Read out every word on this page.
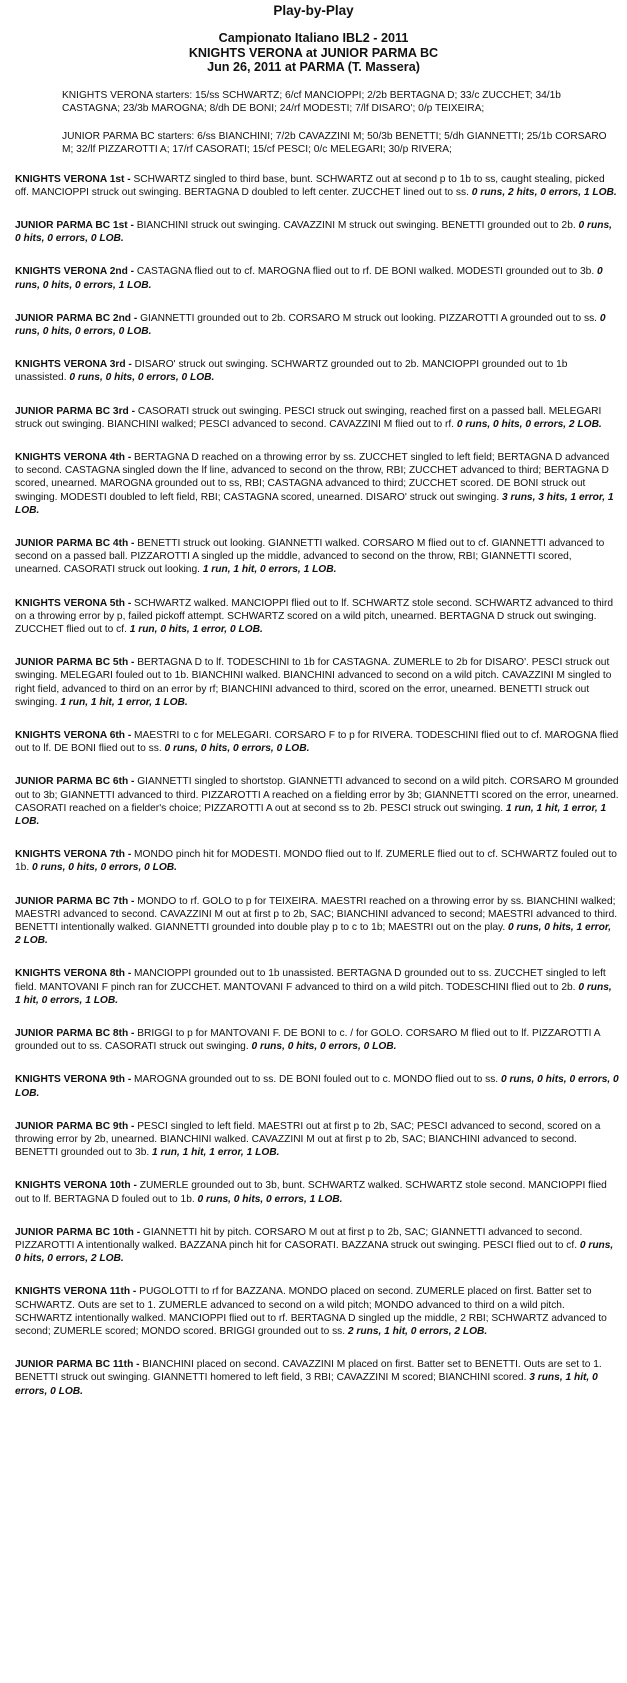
Play-by-Play
Campionato Italiano IBL2 - 2011
KNIGHTS VERONA at JUNIOR PARMA BC
Jun 26, 2011 at PARMA (T. Massera)

KNIGHTS VERONA starters: 15/ss SCHWARTZ; 6/cf MANCIOPPI; 2/2b BERTAGNA D; 33/c ZUCCHET; 34/1b CASTAGNA; 23/3b MAROGNA; 8/dh DE BONI; 24/rf MODESTI; 7/lf DISARO'; 0/p TEIXEIRA;

JUNIOR PARMA BC starters: 6/ss BIANCHINI; 7/2b CAVAZZINI M; 50/3b BENETTI; 5/dh GIANNETTI; 25/1b CORSARO M; 32/lf PIZZAROTTI A; 17/rf CASORATI; 15/cf PESCI; 0/c MELEGARI; 30/p RIVERA;

KNIGHTS VERONA 1st - SCHWARTZ singled to third base, bunt. SCHWARTZ out at second p to 1b to ss, caught stealing, picked off. MANCIOPPI struck out swinging. BERTAGNA D doubled to left center. ZUCCHET lined out to ss. 0 runs, 2 hits, 0 errors, 1 LOB.

JUNIOR PARMA BC 1st - BIANCHINI struck out swinging. CAVAZZINI M struck out swinging. BENETTI grounded out to 2b. 0 runs, 0 hits, 0 errors, 0 LOB.

KNIGHTS VERONA 2nd - CASTAGNA flied out to cf. MAROGNA flied out to rf. DE BONI walked. MODESTI grounded out to 3b. 0 runs, 0 hits, 0 errors, 1 LOB.

JUNIOR PARMA BC 2nd - GIANNETTI grounded out to 2b. CORSARO M struck out looking. PIZZAROTTI A grounded out to ss. 0 runs, 0 hits, 0 errors, 0 LOB.

KNIGHTS VERONA 3rd - DISARO' struck out swinging. SCHWARTZ grounded out to 2b. MANCIOPPI grounded out to 1b unassisted. 0 runs, 0 hits, 0 errors, 0 LOB.

JUNIOR PARMA BC 3rd - CASORATI struck out swinging. PESCI struck out swinging, reached first on a passed ball. MELEGARI struck out swinging. BIANCHINI walked; PESCI advanced to second. CAVAZZINI M flied out to rf. 0 runs, 0 hits, 0 errors, 2 LOB.

KNIGHTS VERONA 4th - BERTAGNA D reached on a throwing error by ss. ZUCCHET singled to left field; BERTAGNA D advanced to second. CASTAGNA singled down the lf line, advanced to second on the throw, RBI; ZUCCHET advanced to third; BERTAGNA D scored, unearned. MAROGNA grounded out to ss, RBI; CASTAGNA advanced to third; ZUCCHET scored. DE BONI struck out swinging. MODESTI doubled to left field, RBI; CASTAGNA scored, unearned. DISARO' struck out swinging. 3 runs, 3 hits, 1 error, 1 LOB.

JUNIOR PARMA BC 4th - BENETTI struck out looking. GIANNETTI walked. CORSARO M flied out to cf. GIANNETTI advanced to second on a passed ball. PIZZAROTTI A singled up the middle, advanced to second on the throw, RBI; GIANNETTI scored, unearned. CASORATI struck out looking. 1 run, 1 hit, 0 errors, 1 LOB.

KNIGHTS VERONA 5th - SCHWARTZ walked. MANCIOPPI flied out to lf. SCHWARTZ stole second. SCHWARTZ advanced to third on a throwing error by p, failed pickoff attempt. SCHWARTZ scored on a wild pitch, unearned. BERTAGNA D struck out swinging. ZUCCHET flied out to cf. 1 run, 0 hits, 1 error, 0 LOB.

JUNIOR PARMA BC 5th - BERTAGNA D to lf. TODESCHINI to 1b for CASTAGNA. ZUMERLE to 2b for DISARO'. PESCI struck out swinging. MELEGARI fouled out to 1b. BIANCHINI walked. BIANCHINI advanced to second on a wild pitch. CAVAZZINI M singled to right field, advanced to third on an error by rf; BIANCHINI advanced to third, scored on the error, unearned. BENETTI struck out swinging. 1 run, 1 hit, 1 error, 1 LOB.

KNIGHTS VERONA 6th - MAESTRI to c for MELEGARI. CORSARO F to p for RIVERA. TODESCHINI flied out to cf. MAROGNA flied out to lf. DE BONI flied out to ss. 0 runs, 0 hits, 0 errors, 0 LOB.

JUNIOR PARMA BC 6th - GIANNETTI singled to shortstop. GIANNETTI advanced to second on a wild pitch. CORSARO M grounded out to 3b; GIANNETTI advanced to third. PIZZAROTTI A reached on a fielding error by 3b; GIANNETTI scored on the error, unearned. CASORATI reached on a fielder's choice; PIZZAROTTI A out at second ss to 2b. PESCI struck out swinging. 1 run, 1 hit, 1 error, 1 LOB.

KNIGHTS VERONA 7th - MONDO pinch hit for MODESTI. MONDO flied out to lf. ZUMERLE flied out to cf. SCHWARTZ fouled out to 1b. 0 runs, 0 hits, 0 errors, 0 LOB.

JUNIOR PARMA BC 7th - MONDO to rf. GOLO to p for TEIXEIRA. MAESTRI reached on a throwing error by ss. BIANCHINI walked; MAESTRI advanced to second. CAVAZZINI M out at first p to 2b, SAC; BIANCHINI advanced to second; MAESTRI advanced to third. BENETTI intentionally walked. GIANNETTI grounded into double play p to c to 1b; MAESTRI out on the play. 0 runs, 0 hits, 1 error, 2 LOB.

KNIGHTS VERONA 8th - MANCIOPPI grounded out to 1b unassisted. BERTAGNA D grounded out to ss. ZUCCHET singled to left field. MANTOVANI F pinch ran for ZUCCHET. MANTOVANI F advanced to third on a wild pitch. TODESCHINI flied out to 2b. 0 runs, 1 hit, 0 errors, 1 LOB.

JUNIOR PARMA BC 8th - BRIGGI to p for MANTOVANI F. DE BONI to c. / for GOLO. CORSARO M flied out to lf. PIZZAROTTI A grounded out to ss. CASORATI struck out swinging. 0 runs, 0 hits, 0 errors, 0 LOB.

KNIGHTS VERONA 9th - MAROGNA grounded out to ss. DE BONI fouled out to c. MONDO flied out to ss. 0 runs, 0 hits, 0 errors, 0 LOB.

JUNIOR PARMA BC 9th - PESCI singled to left field. MAESTRI out at first p to 2b, SAC; PESCI advanced to second, scored on a throwing error by 2b, unearned. BIANCHINI walked. CAVAZZINI M out at first p to 2b, SAC; BIANCHINI advanced to second. BENETTI grounded out to 3b. 1 run, 1 hit, 1 error, 1 LOB.

KNIGHTS VERONA 10th - ZUMERLE grounded out to 3b, bunt. SCHWARTZ walked. SCHWARTZ stole second. MANCIOPPI flied out to lf. BERTAGNA D fouled out to 1b. 0 runs, 0 hits, 0 errors, 1 LOB.

JUNIOR PARMA BC 10th - GIANNETTI hit by pitch. CORSARO M out at first p to 2b, SAC; GIANNETTI advanced to second. PIZZAROTTI A intentionally walked. BAZZANA pinch hit for CASORATI. BAZZANA struck out swinging. PESCI flied out to cf. 0 runs, 0 hits, 0 errors, 2 LOB.

KNIGHTS VERONA 11th - PUGOLOTTI to rf for BAZZANA. MONDO placed on second. ZUMERLE placed on first. Batter set to SCHWARTZ. Outs are set to 1. ZUMERLE advanced to second on a wild pitch; MONDO advanced to third on a wild pitch. SCHWARTZ intentionally walked. MANCIOPPI flied out to rf. BERTAGNA D singled up the middle, 2 RBI; SCHWARTZ advanced to second; ZUMERLE scored; MONDO scored. BRIGGI grounded out to ss. 2 runs, 1 hit, 0 errors, 2 LOB.

JUNIOR PARMA BC 11th - BIANCHINI placed on second. CAVAZZINI M placed on first. Batter set to BENETTI. Outs are set to 1. BENETTI struck out swinging. GIANNETTI homered to left field, 3 RBI; CAVAZZINI M scored; BIANCHINI scored. 3 runs, 1 hit, 0 errors, 0 LOB.
